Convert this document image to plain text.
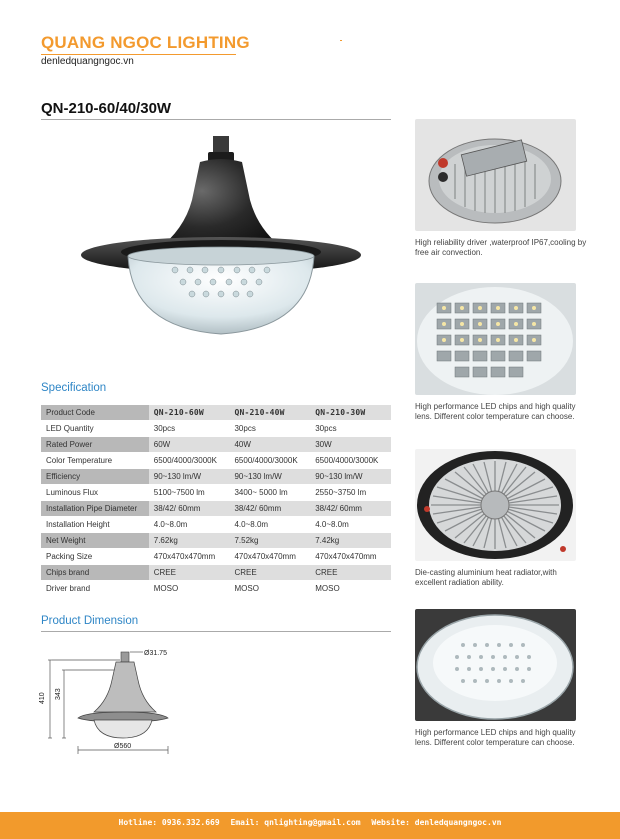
QUANG NGỌC LIGHTING
denledquangngoc.vn
QN-210-60/40/30W
Specification
Product Code	QN-210-60W	QN-210-40W	QN-210-30W
LED Quantity	30pcs	30pcs	30pcs
Rated Power	60W	40W	30W
Color Temperature	6500/4000/3000K	6500/4000/3000K	6500/4000/3000K
Efficiency	90~130 lm/W	90~130 lm/W	90~130 lm/W
Luminous Flux	5100~7500 lm	3400~ 5000 lm	2550~3750 lm
Installation Pipe Diameter	38/42/ 60mm	38/42/ 60mm	38/42/ 60mm
Installation Height	4.0~8.0m	4.0~8.0m	4.0~8.0m
Net Weight	7.62kg	7.52kg	7.42kg
Packing Size	470x470x470mm	470x470x470mm	470x470x470mm
Chips brand	CREE	CREE	CREE
Driver brand	MOSO	MOSO	MOSO
Product Dimension
Ø31.75
410 343
Ø560
High reliability driver ,waterproof IP67,cooling by free air convection.
High performance LED chips and high quality lens. Different color temperature can choose.
Die-casting aluminium heat radiator,with excellent radiation ability.
High performance LED chips and high quality lens. Different color temperature can choose.
Hotline: 0936.332.669 Email: qnlighting@gmail.com Website: denledquangngoc.vn
